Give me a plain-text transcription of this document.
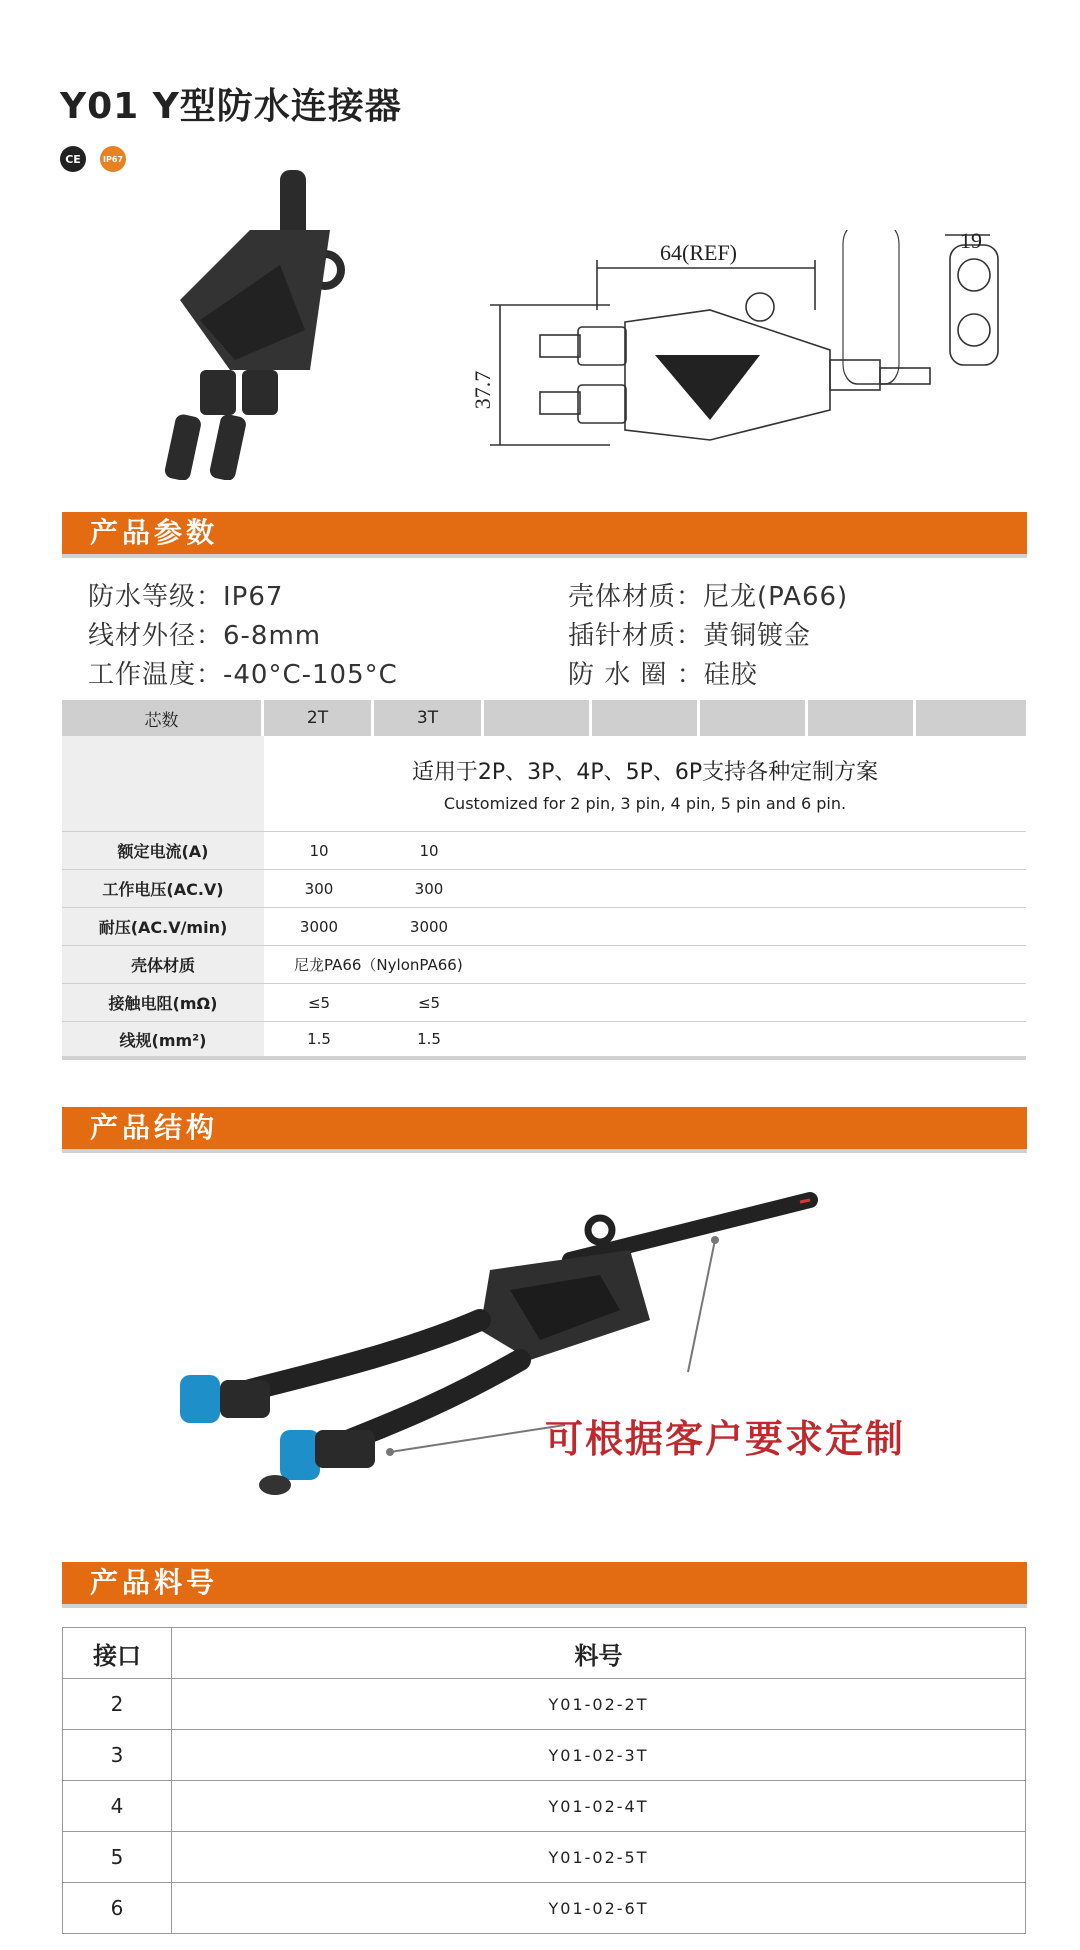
Y01 Y型防水连接器
CE	IP67
64(REF)
37.7
19
产品参数
防水等级：IP67
线材外径：6-8mm
工作温度：-40°C-105°C
壳体材质：尼龙(PA66)
插针材质：黄铜镀金
防 水 圈 ：硅胶
芯数	2T	3T
适用于2P、3P、4P、5P、6P支持各种定制方案
Customized for 2 pin, 3 pin, 4 pin, 5 pin and 6 pin.
额定电流(A)	10	10
工作电压(AC.V)	300	300
耐压(AC.V/min)	3000	3000
壳体材质	尼龙PA66（NylonPA66)
接触电阻(mΩ)	≤5	≤5
线规(mm²)	1.5	1.5
产品结构
可根据客户要求定制
产品料号
接口	料号
2	Y01-02-2T
3	Y01-02-3T
4	Y01-02-4T
5	Y01-02-5T
6	Y01-02-6T
